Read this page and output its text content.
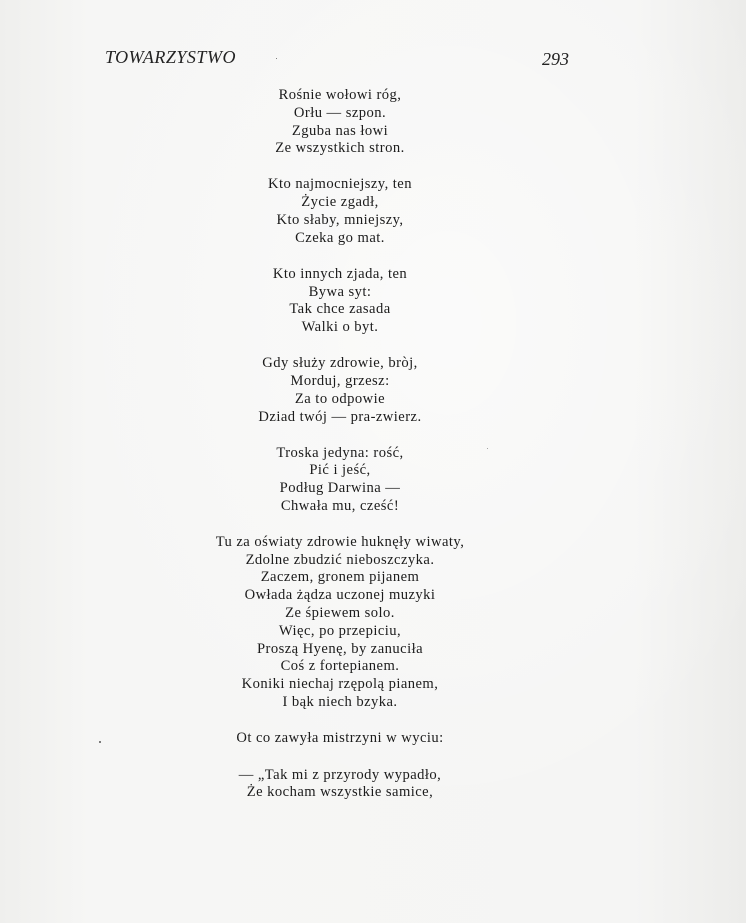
TOWARZYSTWO	293
Rośnie wołowi róg,
Orłu — szpon.
Zguba nas łowi
Ze wszystkich stron.
Kto najmocniejszy, ten
Życie zgadł,
Kto słaby, mniejszy,
Czeka go mat.
Kto innych zjada, ten
Bywa syt:
Tak chce zasada
Walki o byt.
Gdy służy zdrowie, bròj,
Morduj, grzesz:
Za to odpowie
Dziad twój — pra-zwierz.
Troska jedyna: rość,
Pić i jeść,
Podług Darwina —
Chwała mu, cześć!
Tu za oświaty zdrowie huknęły wiwaty,
Zdolne zbudzić nieboszczyka.
Zaczem, gronem pijanem
Owłada żądza uczonej muzyki
Ze śpiewem solo.
Więc, po przepiciu,
Proszą Hyenę, by zanuciła
Coś z fortepianem.
Koniki niechaj rzępolą pianem,
I bąk niech bzyka.
Ot co zawyła mistrzyni w wyciu:
— „Tak mi z przyrody wypadło,
Że kocham wszystkie samice,
